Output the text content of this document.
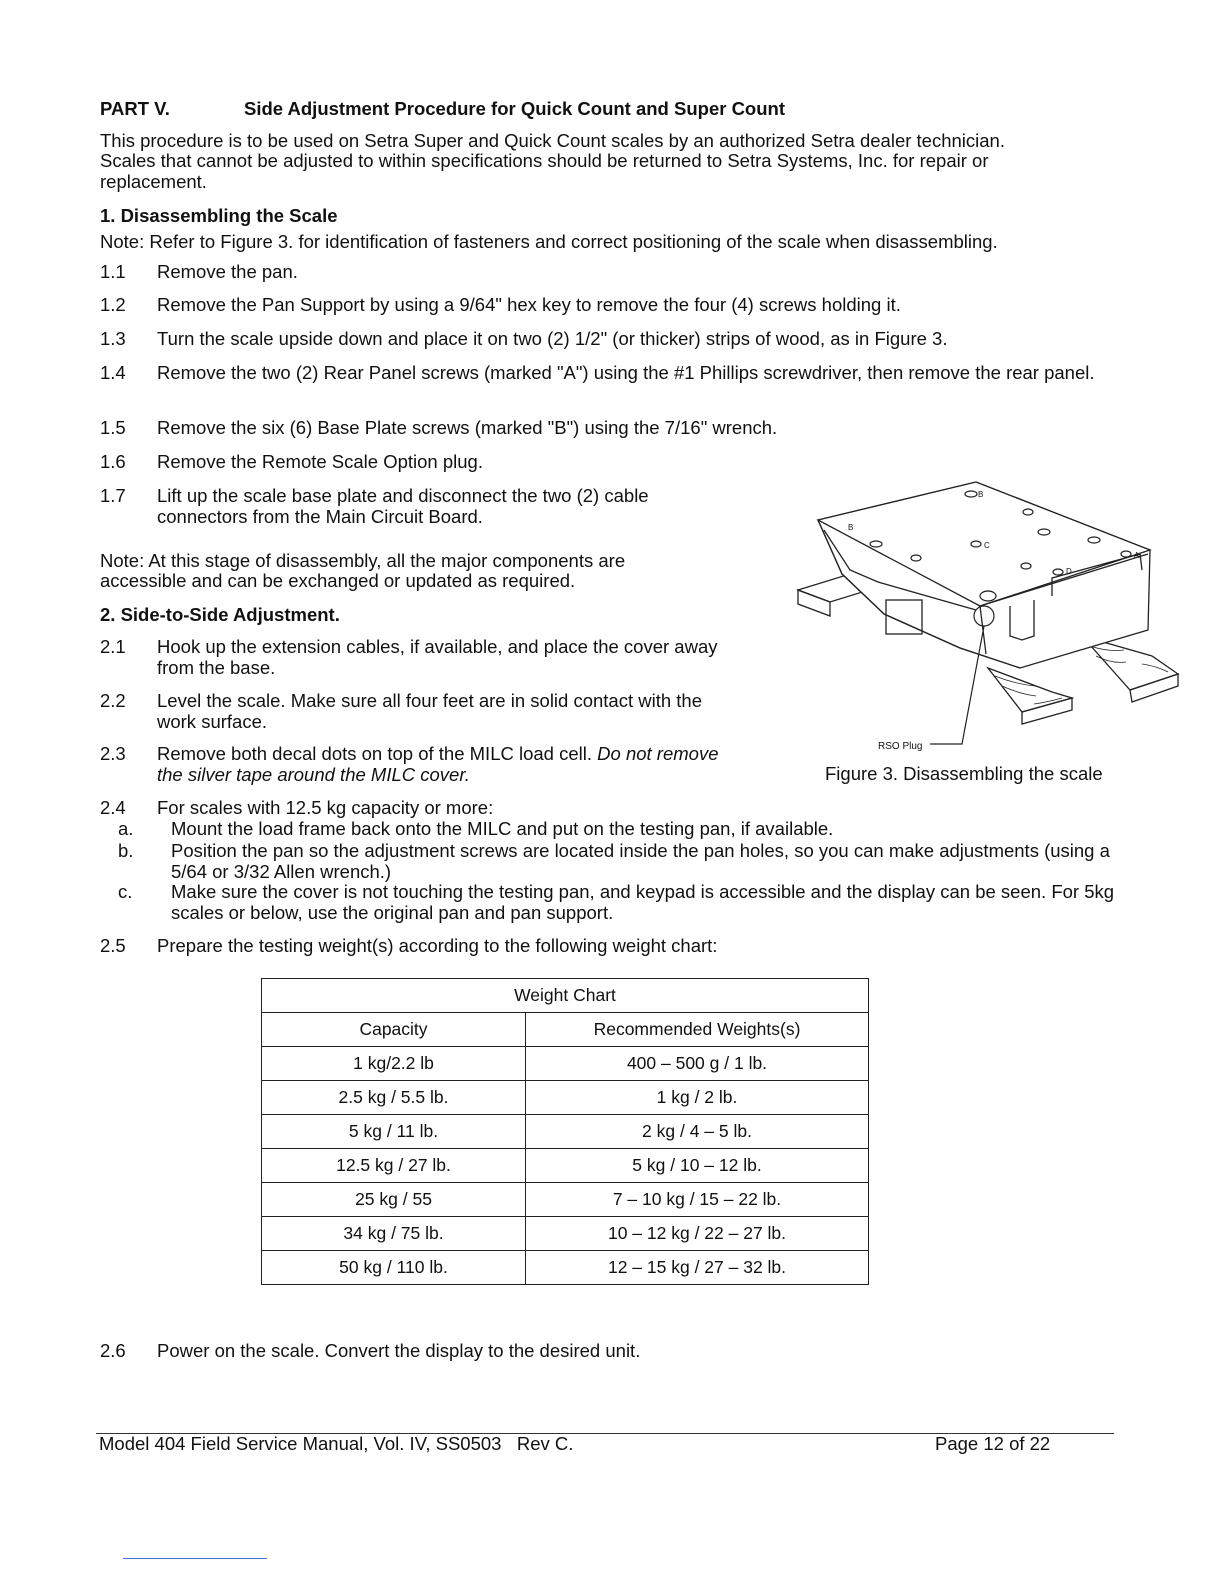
PART V.	Side Adjustment Procedure for Quick Count and Super Count
This procedure is to be used on Setra Super and Quick Count scales by an authorized Setra dealer technician.
Scales that cannot be adjusted to within specifications should be returned to Setra Systems, Inc. for repair or
replacement.
1. Disassembling the Scale
Note: Refer to Figure 3. for identification of fasteners and correct positioning of the scale when disassembling.
1.1 Remove the pan.
1.2 Remove the Pan Support by using a 9/64" hex key to remove the four (4) screws holding it.
1.3 Turn the scale upside down and place it on two (2) 1/2" (or thicker) strips of wood, as in Figure 3.
1.4 Remove the two (2) Rear Panel screws (marked "A") using the #1 Phillips screwdriver, then remove the rear panel.
1.5 Remove the six (6) Base Plate screws (marked "B") using the 7/16" wrench.
1.6 Remove the Remote Scale Option plug.
1.7 Lift up the scale base plate and disconnect the two (2) cable connectors from the Main Circuit Board.
Note: At this stage of disassembly, all the major components are
accessible and can be exchanged or updated as required.
2. Side-to-Side Adjustment.
2.1 Hook up the extension cables, if available, and place the cover away from the base.
2.2 Level the scale. Make sure all four feet are in solid contact with the work surface.
2.3 Remove both decal dots on top of the MILC load cell. Do not remove the silver tape around the MILC cover.
B
B
C
D
A
RSO Plug
Figure 3. Disassembling the scale
2.4 For scales with 12.5 kg capacity or more:
a. Mount the load frame back onto the MILC and put on the testing pan, if available.
b. Position the pan so the adjustment screws are located inside the pan holes, so you can make adjustments (using a 5/64 or 3/32 Allen wrench.)
c. Make sure the cover is not touching the testing pan, and keypad is accessible and the display can be seen. For 5kg scales or below, use the original pan and pan support.
2.5 Prepare the testing weight(s) according to the following weight chart:
Weight Chart	
Capacity	Recommended Weights(s)
1 kg/2.2 lb	400 – 500 g / 1 lb.
2.5 kg / 5.5 lb.	1 kg / 2 lb.
5 kg / 11 lb.	2 kg / 4 – 5 lb.
12.5 kg / 27 lb.	5 kg / 10 – 12 lb.
25 kg / 55	7 – 10 kg / 15 – 22 lb.
34 kg / 75 lb.	10 – 12 kg / 22 – 27 lb.
50 kg / 110 lb.	12 – 15 kg / 27 – 32 lb.
2.6 Power on the scale. Convert the display to the desired unit.
Model 404 Field Service Manual, Vol. IV, SS0503   Rev C.	Page 12 of 22
